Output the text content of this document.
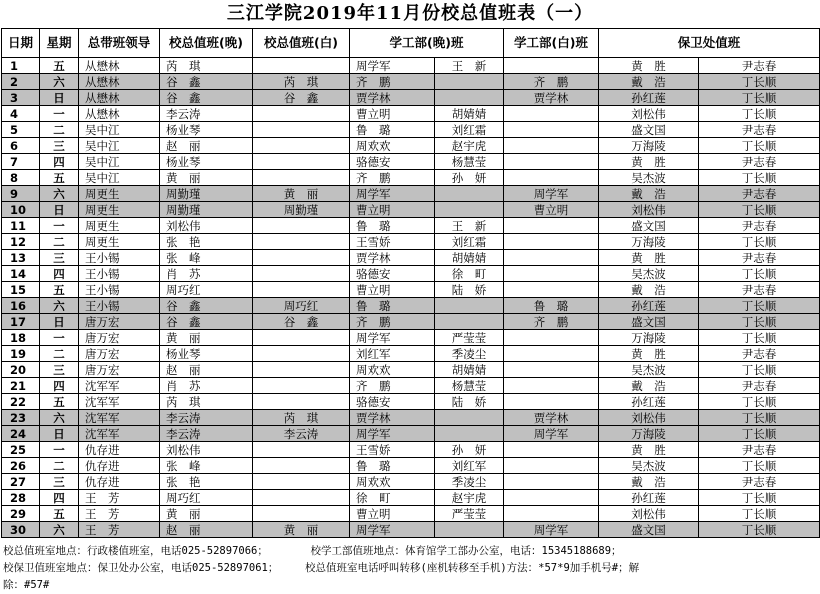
三江学院2019年11月份校总值班表（一）
日期	星期	总带班领导	校总值班(晚)	校总值班(白)	学工部(晚)班		学工部(白)班	保卫处值班	
1	五	从懋林	芮　琪		周学军	王　新		黄　胜	尹志春
2	六	从懋林	谷　鑫	芮　琪	齐　鹏		齐　鹏	戴　浩	丁长顺
3	日	从懋林	谷　鑫	谷　鑫	贾学林		贾学林	孙红莲	丁长顺
4	一	从懋林	李云涛		曹立明	胡婧婧		刘松伟	丁长顺
5	二	吴中江	杨业琴		鲁　璐	刘红霜		盛文国	尹志春
6	三	吴中江	赵　丽		周欢欢	赵宇虎		万海陵	丁长顺
7	四	吴中江	杨业琴		骆德安	杨慧莹		黄　胜	尹志春
8	五	吴中江	黄　丽		齐　鹏	孙　妍		吴杰波	丁长顺
9	六	周更生	周勤瑾	黄　丽	周学军		周学军	戴　浩	尹志春
10	日	周更生	周勤瑾	周勤瑾	曹立明		曹立明	刘松伟	丁长顺
11	一	周更生	刘松伟		鲁　璐	王　新		盛文国	尹志春
12	二	周更生	张　艳		王雪娇	刘红霜		万海陵	丁长顺
13	三	王小锡	张　峰		贾学林	胡婧婧		黄　胜	尹志春
14	四	王小锡	肖　苏		骆德安	徐　町		吴杰波	丁长顺
15	五	王小锡	周巧红		曹立明	陆　娇		戴　浩	尹志春
16	六	王小锡	谷　鑫	周巧红	鲁　璐		鲁　璐	孙红莲	丁长顺
17	日	唐万宏	谷　鑫	谷　鑫	齐　鹏		齐　鹏	盛文国	丁长顺
18	一	唐万宏	黄　丽		周学军	严莹莹		万海陵	丁长顺
19	二	唐万宏	杨业琴		刘红军	季凌尘		黄　胜	尹志春
20	三	唐万宏	赵　丽		周欢欢	胡婧婧		吴杰波	丁长顺
21	四	沈军军	肖　苏		齐　鹏	杨慧莹		戴　浩	尹志春
22	五	沈军军	芮　琪		骆德安	陆　娇		孙红莲	丁长顺
23	六	沈军军	李云涛	芮　琪	贾学林		贾学林	刘松伟	丁长顺
24	日	沈军军	李云涛	李云涛	周学军		周学军	万海陵	丁长顺
25	一	仇存进	刘松伟		王雪娇	孙　妍		黄　胜	尹志春
26	二	仇存进	张　峰		鲁　璐	刘红军		吴杰波	丁长顺
27	三	仇存进	张　艳		周欢欢	季凌尘		戴　浩	尹志春
28	四	王　芳	周巧红		徐　町	赵宇虎		孙红莲	丁长顺
29	五	王　芳	黄　丽		曹立明	严莹莹		刘松伟	丁长顺
30	六	王　芳	赵　丽	黄　丽	周学军		周学军	盛文国	丁长顺
校总值班室地点：行政楼值班室，电话025-52897066；	校学工部值班地点：体育馆学工部办公室，电话：15345188689；
校保卫值班室地点：保卫处办公室，电话025-52897061；	校总值班室电话呼叫转移(座机转移至手机)方法：*57*9加手机号#；解
除：#57#
